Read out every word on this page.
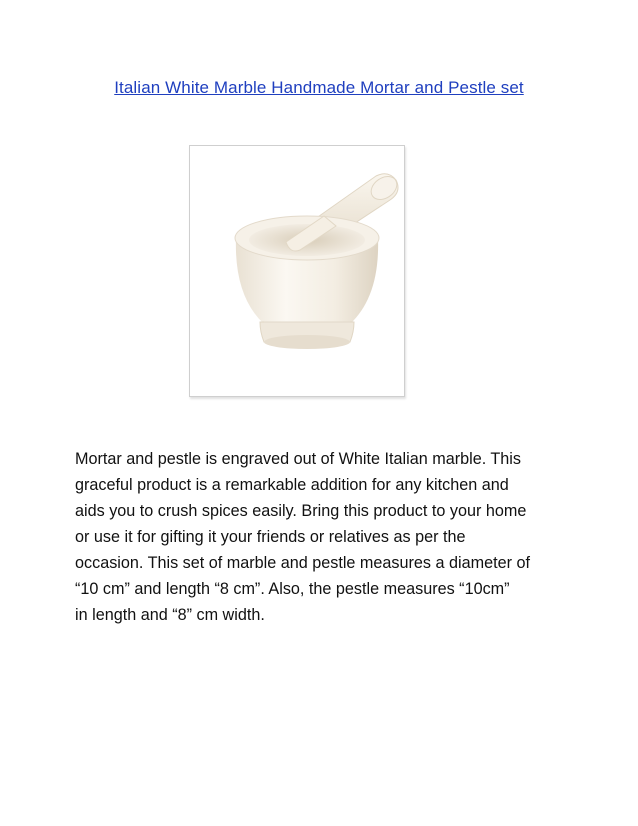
Italian White Marble Handmade Mortar and Pestle set

Mortar and pestle is engraved out of White Italian marble. This
graceful product is a remarkable addition for any kitchen and
aids you to crush spices easily. Bring this product to your home
or use it for gifting it your friends or relatives as per the
occasion. This set of marble and pestle measures a diameter of
“10 cm” and length “8 cm”. Also, the pestle measures “10cm”
in length and “8” cm width.
